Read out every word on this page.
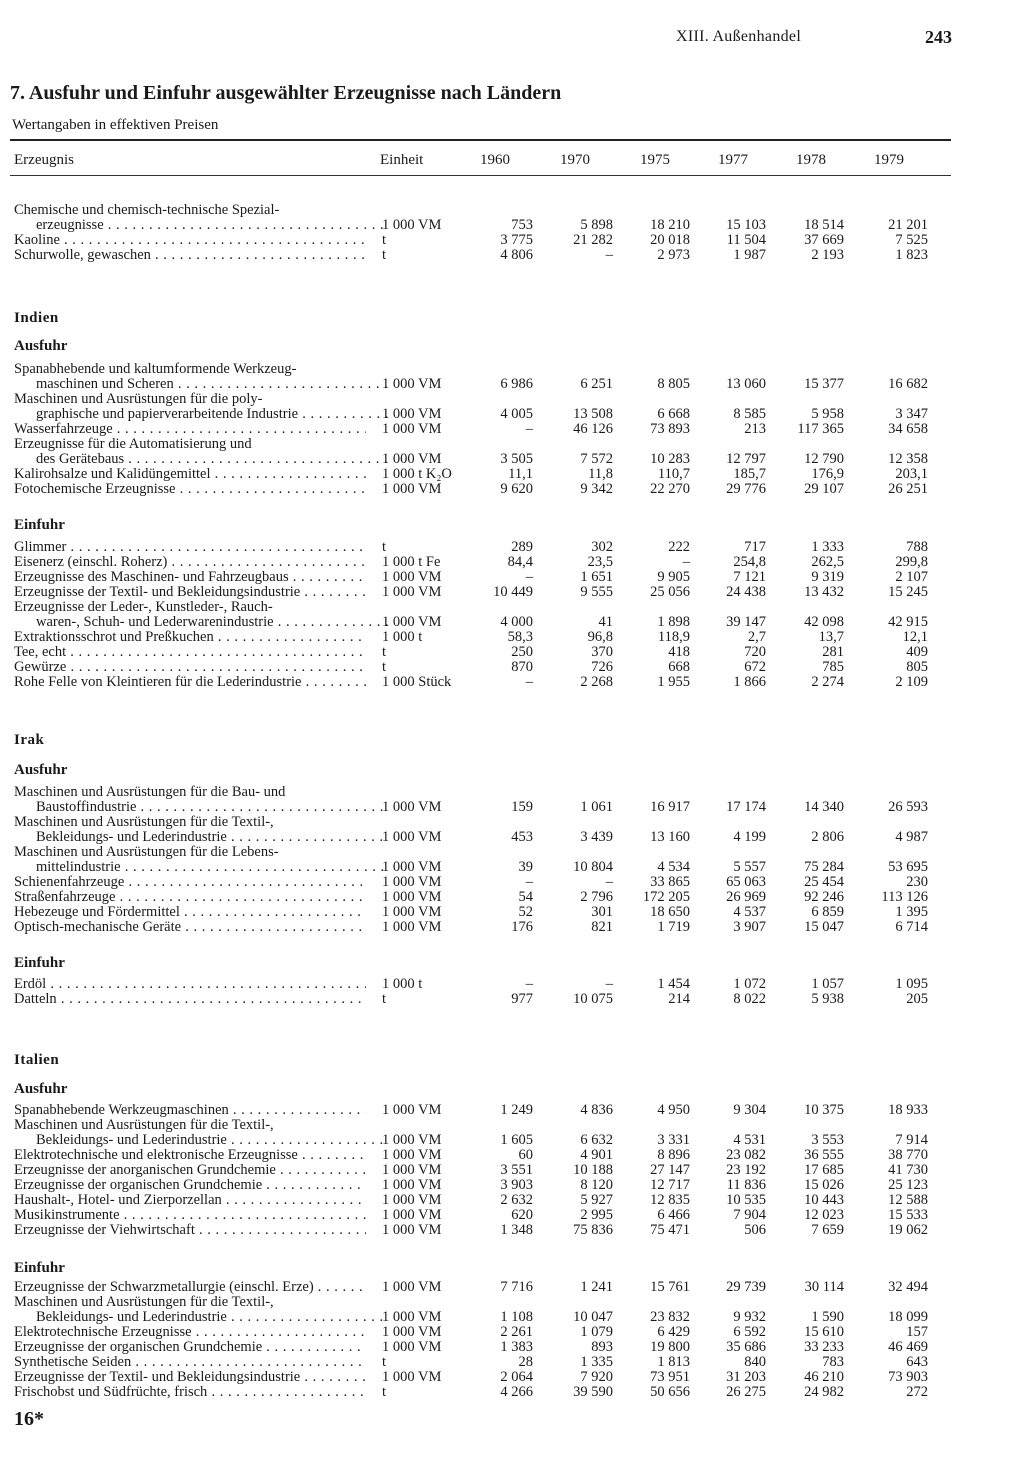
XIII. Außenhandel	243
7. Ausfuhr und Einfuhr ausgewählter Erzeugnisse nach Ländern
Wertangaben in effektiven Preisen
Erzeugnis	Einheit	1960	1970	1975	1977	1978	1979
Chemische und chemisch-technische Spezial-
erzeugnisse . . .	1 000 VM	753	5 898	18 210	15 103	18 514	21 201
Kaoline . . .	t	3 775	21 282	20 018	11 504	37 669	7 525
Schurwolle, gewaschen . . .	t	4 806	–	2 973	1 987	2 193	1 823
Indien
Ausfuhr
Spanabhebende und kaltumformende Werkzeug-
maschinen und Scheren . . .	1 000 VM	6 986	6 251	8 805	13 060	15 377	16 682
Maschinen und Ausrüstungen für die poly-
graphische und papierverarbeitende Industrie . . .	1 000 VM	4 005	13 508	6 668	8 585	5 958	3 347
Wasserfahrzeuge . . .	1 000 VM	–	46 126	73 893	213	117 365	34 658
Erzeugnisse für die Automatisierung und
des Gerätebaus . . .	1 000 VM	3 505	7 572	10 283	12 797	12 790	12 358
Kalirohsalze und Kalidüngemittel . . .	1 000 t K₂O	11,1	11,8	110,7	185,7	176,9	203,1
Fotochemische Erzeugnisse . . .	1 000 VM	9 620	9 342	22 270	29 776	29 107	26 251
Einfuhr
Glimmer . . .	t	289	302	222	717	1 333	788
Eisenerz (einschl. Roherz) . . .	1 000 t Fe	84,4	23,5	–	254,8	262,5	299,8
Erzeugnisse des Maschinen- und Fahrzeugbaus . . .	1 000 VM	–	1 651	9 905	7 121	9 319	2 107
Erzeugnisse der Textil- und Bekleidungsindustrie . . .	1 000 VM	10 449	9 555	25 056	24 438	13 432	15 245
Erzeugnisse der Leder-, Kunstleder-, Rauch-
waren-, Schuh- und Lederwarenindustrie . . .	1 000 VM	4 000	41	1 898	39 147	42 098	42 915
Extraktionsschrot und Preßkuchen . . .	1 000 t	58,3	96,8	118,9	2,7	13,7	12,1
Tee, echt . . .	t	250	370	418	720	281	409
Gewürze . . .	t	870	726	668	672	785	805
Rohe Felle von Kleintieren für die Lederindustrie . . .	1 000 Stück	–	2 268	1 955	1 866	2 274	2 109
Irak
Ausfuhr
Maschinen und Ausrüstungen für die Bau- und
Baustoffindustrie . . .	1 000 VM	159	1 061	16 917	17 174	14 340	26 593
Maschinen und Ausrüstungen für die Textil-,
Bekleidungs- und Lederindustrie . . .	1 000 VM	453	3 439	13 160	4 199	2 806	4 987
Maschinen und Ausrüstungen für die Lebens-
mittelindustrie . . .	1 000 VM	39	10 804	4 534	5 557	75 284	53 695
Schienenfahrzeuge . . .	1 000 VM	–	–	33 865	65 063	25 454	230
Straßenfahrzeuge . . .	1 000 VM	54	2 796	172 205	26 969	92 246	113 126
Hebezeuge und Fördermittel . . .	1 000 VM	52	301	18 650	4 537	6 859	1 395
Optisch-mechanische Geräte . . .	1 000 VM	176	821	1 719	3 907	15 047	6 714
Einfuhr
Erdöl . . .	1 000 t	–	–	1 454	1 072	1 057	1 095
Datteln . . .	t	977	10 075	214	8 022	5 938	205
Italien
Ausfuhr
Spanabhebende Werkzeugmaschinen . . .	1 000 VM	1 249	4 836	4 950	9 304	10 375	18 933
Maschinen und Ausrüstungen für die Textil-,
Bekleidungs- und Lederindustrie . . .	1 000 VM	1 605	6 632	3 331	4 531	3 553	7 914
Elektrotechnische und elektronische Erzeugnisse . . .	1 000 VM	60	4 901	8 896	23 082	36 555	38 770
Erzeugnisse der anorganischen Grundchemie . . .	1 000 VM	3 551	10 188	27 147	23 192	17 685	41 730
Erzeugnisse der organischen Grundchemie . . .	1 000 VM	3 903	8 120	12 717	11 836	15 026	25 123
Haushalt-, Hotel- und Zierporzellan . . .	1 000 VM	2 632	5 927	12 835	10 535	10 443	12 588
Musikinstrumente . . .	1 000 VM	620	2 995	6 466	7 904	12 023	15 533
Erzeugnisse der Viehwirtschaft . . .	1 000 VM	1 348	75 836	75 471	506	7 659	19 062
Einfuhr
Erzeugnisse der Schwarzmetallurgie (einschl. Erze) . . .	1 000 VM	7 716	1 241	15 761	29 739	30 114	32 494
Maschinen und Ausrüstungen für die Textil-,
Bekleidungs- und Lederindustrie . . .	1 000 VM	1 108	10 047	23 832	9 932	1 590	18 099
Elektrotechnische Erzeugnisse . . .	1 000 VM	2 261	1 079	6 429	6 592	15 610	157
Erzeugnisse der organischen Grundchemie . . .	1 000 VM	1 383	893	19 800	35 686	33 233	46 469
Synthetische Seiden . . .	t	28	1 335	1 813	840	783	643
Erzeugnisse der Textil- und Bekleidungsindustrie . . .	1 000 VM	2 064	7 920	73 951	31 203	46 210	73 903
Frischobst und Südfrüchte, frisch . . .	t	4 266	39 590	50 656	26 275	24 982	272
16*
